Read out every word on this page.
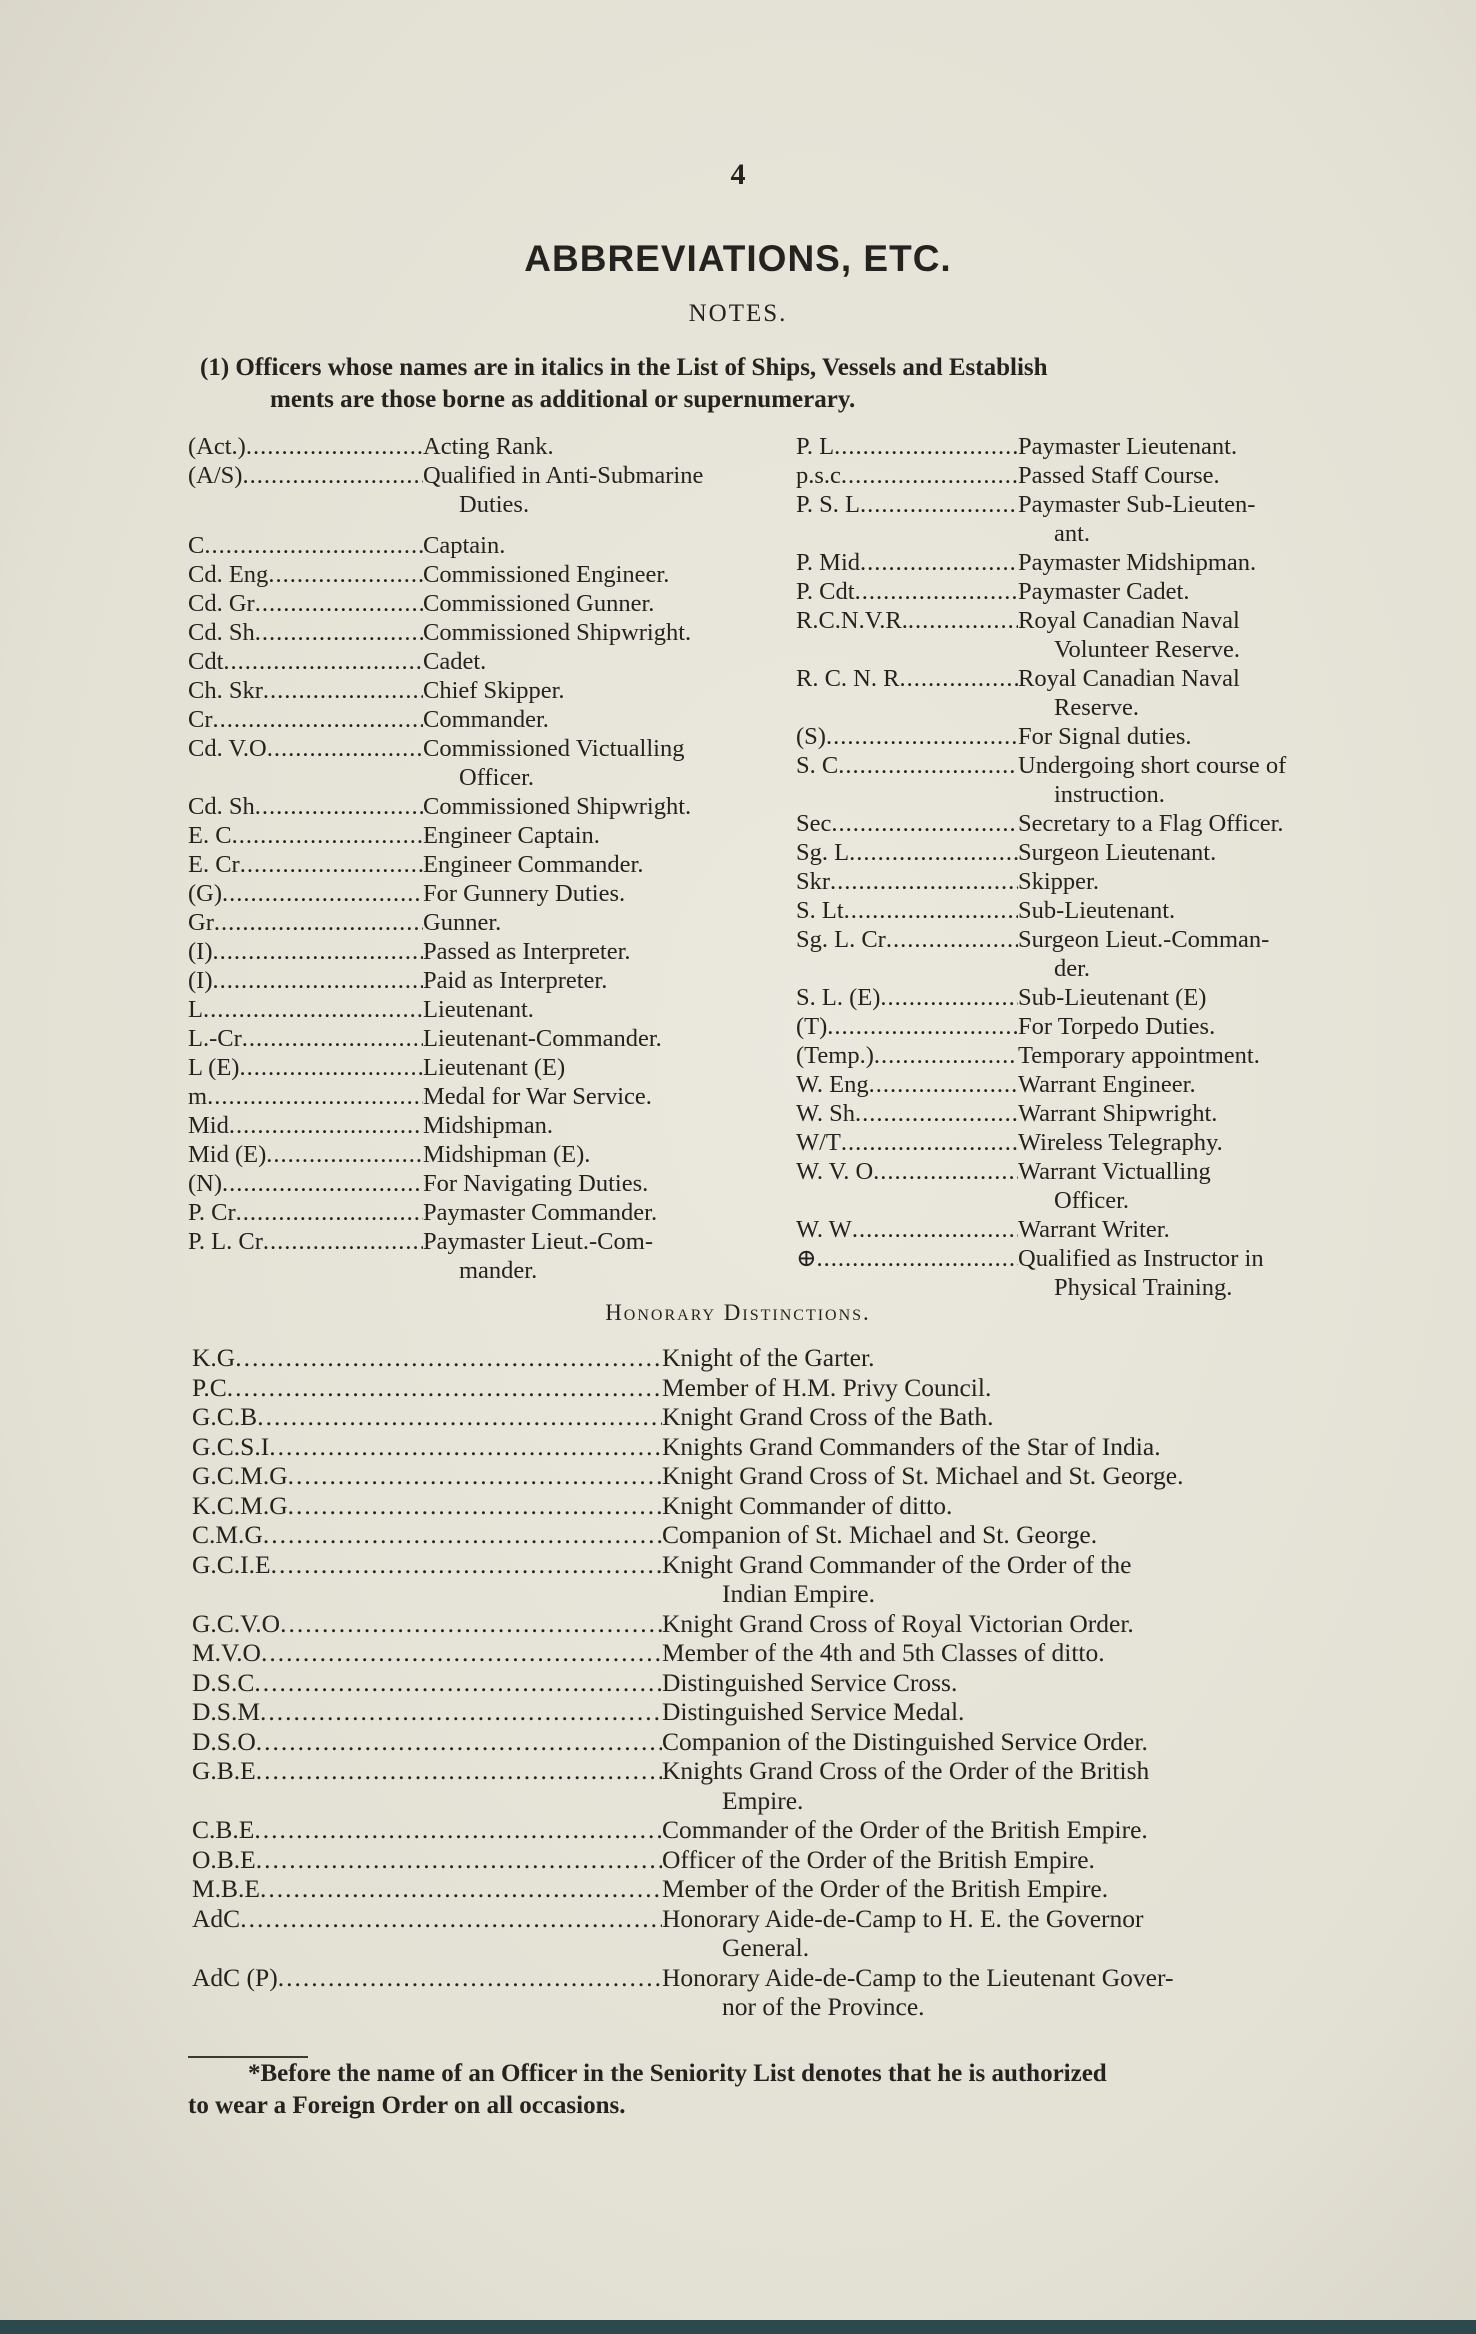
4
ABBREVIATIONS, ETC.
NOTES.
(1) Officers whose names are in italics in the List of Ships, Vessels and Establish
ments are those borne as additional or supernumerary.
(Act.) .....	Acting Rank.
(A/S) .....	Qualified in Anti-Submarine
Duties.
C .....	Captain.
Cd. Eng .....	Commissioned Engineer.
Cd. Gr .....	Commissioned Gunner.
Cd. Sh .....	Commissioned Shipwright.
Cdt .....	Cadet.
Ch. Skr .....	Chief Skipper.
Cr .....	Commander.
Cd. V.O .....	Commissioned Victualling
Officer.
Cd. Sh .....	Commissioned Shipwright.
E. C .....	Engineer Captain.
E. Cr .....	Engineer Commander.
(G) .....	For Gunnery Duties.
Gr .....	Gunner.
(I) .....	Passed as Interpreter.
(I) .....	Paid as Interpreter.
L .....	Lieutenant.
L.-Cr .....	Lieutenant-Commander.
L (E) .....	Lieutenant (E)
m .....	Medal for War Service.
Mid .....	Midshipman.
Mid (E) .....	Midshipman (E).
(N) .....	For Navigating Duties.
P. Cr .....	Paymaster Commander.
P. L. Cr .....	Paymaster Lieut.-Com-
mander.
P. L .....	Paymaster Lieutenant.
p.s.c .....	Passed Staff Course.
P. S. L .....	Paymaster Sub-Lieuten-
ant.
P. Mid .....	Paymaster Midshipman.
P. Cdt .....	Paymaster Cadet.
R.C.N.V.R. .....	Royal Canadian Naval
Volunteer Reserve.
R. C. N. R .....	Royal Canadian Naval
Reserve.
(S) .....	For Signal duties.
S. C .....	Undergoing short course of
instruction.
Sec .....	Secretary to a Flag Officer.
Sg. L .....	Surgeon Lieutenant.
Skr .....	Skipper.
S. Lt .....	Sub-Lieutenant.
Sg. L. Cr .....	Surgeon Lieut.-Comman-
der.
S. L. (E) .....	Sub-Lieutenant (E)
(T) .....	For Torpedo Duties.
(Temp.) .....	Temporary appointment.
W. Eng .....	Warrant Engineer.
W. Sh .....	Warrant Shipwright.
W/T .....	Wireless Telegraphy.
W. V. O .....	Warrant Victualling
Officer.
W. W .....	Warrant Writer.
⊕ .....	Qualified as Instructor in
Physical Training.
Honorary Distinctions.
K.G .....	Knight of the Garter.
P.C .....	Member of H.M. Privy Council.
G.C.B .....	Knight Grand Cross of the Bath.
G.C.S.I .....	Knights Grand Commanders of the Star of India.
G.C.M.G .....	Knight Grand Cross of St. Michael and St. George.
K.C.M.G .....	Knight Commander of ditto.
C.M.G .....	Companion of St. Michael and St. George.
G.C.I.E .....	Knight Grand Commander of the Order of the
Indian Empire.
G.C.V.O .....	Knight Grand Cross of Royal Victorian Order.
M.V.O .....	Member of the 4th and 5th Classes of ditto.
D.S.C .....	Distinguished Service Cross.
D.S.M .....	Distinguished Service Medal.
D.S.O .....	Companion of the Distinguished Service Order.
G.B.E .....	Knights Grand Cross of the Order of the British
Empire.
C.B.E .....	Commander of the Order of the British Empire.
O.B.E .....	Officer of the Order of the British Empire.
M.B.E .....	Member of the Order of the British Empire.
AdC .....	Honorary Aide-de-Camp to H. E. the Governor
General.
AdC (P) .....	Honorary Aide-de-Camp to the Lieutenant Gover-
nor of the Province.
*Before the name of an Officer in the Seniority List denotes that he is authorized
to wear a Foreign Order on all occasions.
